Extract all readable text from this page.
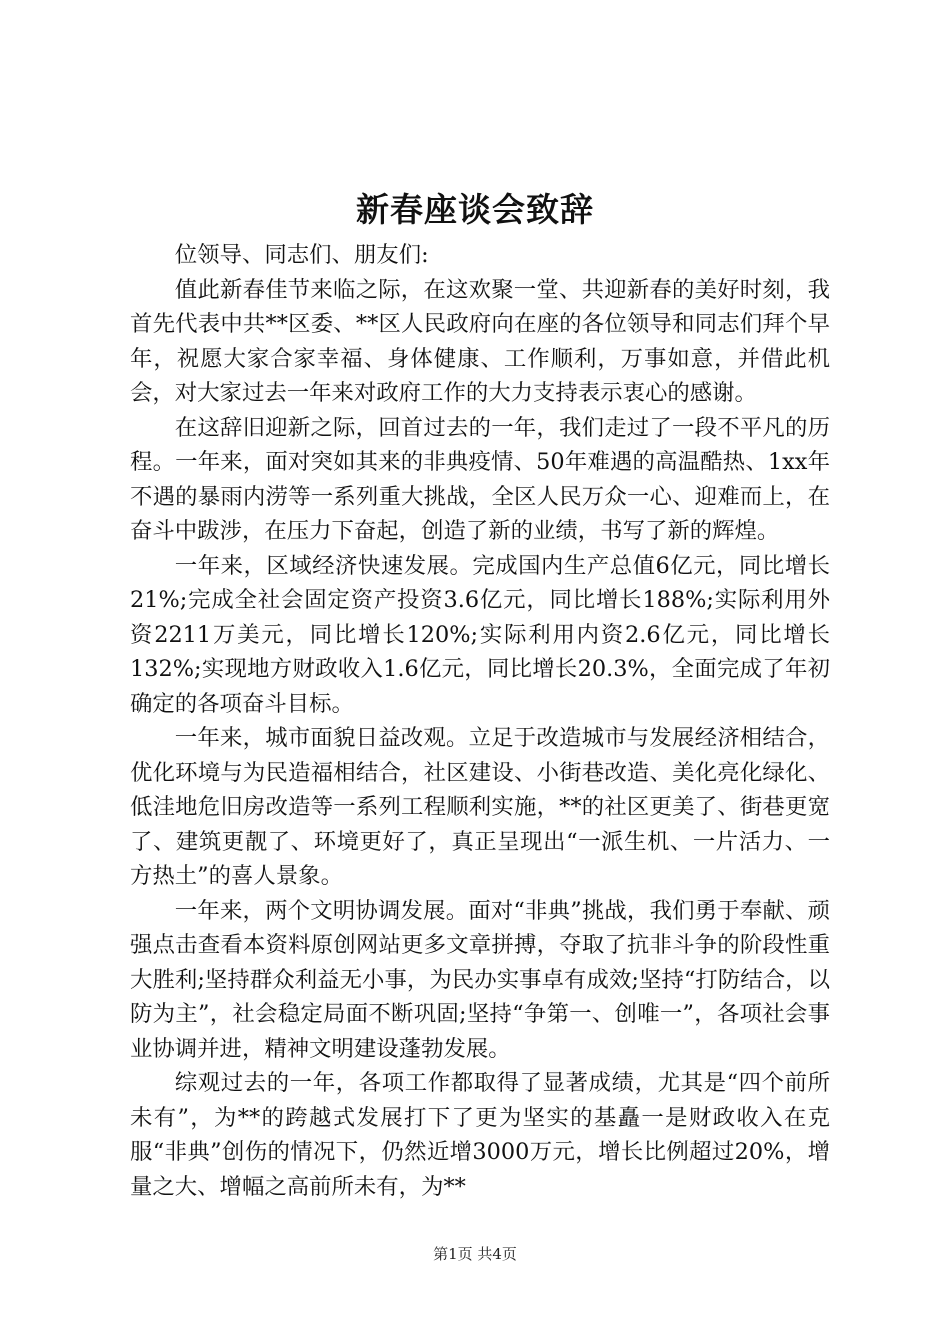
新春座谈会致辞

位领导、同志们、朋友们:

值此新春佳节来临之际，在这欢聚一堂、共迎新春的美好时刻，我首先代表中共**区委、**区人民政府向在座的各位领导和同志们拜个早年，祝愿大家合家幸福、身体健康、工作顺利，万事如意，并借此机会，对大家过去一年来对政府工作的大力支持表示衷心的感谢。

在这辞旧迎新之际，回首过去的一年，我们走过了一段不平凡的历程。一年来，面对突如其来的非典疫情、50年难遇的高温酷热、1xx年不遇的暴雨内涝等一系列重大挑战，全区人民万众一心、迎难而上，在奋斗中跋涉，在压力下奋起，创造了新的业绩，书写了新的辉煌。

一年来，区域经济快速发展。完成国内生产总值6亿元，同比增长21%;完成全社会固定资产投资3.6亿元，同比增长188%;实际利用外资2211万美元，同比增长120%;实际利用内资2.6亿元，同比增长132%;实现地方财政收入1.6亿元，同比增长20.3%，全面完成了年初确定的各项奋斗目标。

一年来，城市面貌日益改观。立足于改造城市与发展经济相结合，优化环境与为民造福相结合，社区建设、小街巷改造、美化亮化绿化、低洼地危旧房改造等一系列工程顺利实施，**的社区更美了、街巷更宽了、建筑更靓了、环境更好了，真正呈现出“一派生机、一片活力、一方热土”的喜人景象。

一年来，两个文明协调发展。面对“非典”挑战，我们勇于奉献、顽强点击查看本资料原创网站更多文章拼搏，夺取了抗非斗争的阶段性重大胜利;坚持群众利益无小事，为民办实事卓有成效;坚持“打防结合，以防为主”，社会稳定局面不断巩固;坚持“争第一、创唯一”，各项社会事业协调并进，精神文明建设蓬勃发展。

综观过去的一年，各项工作都取得了显著成绩，尤其是“四个前所未有”，为**的跨越式发展打下了更为坚实的基矗一是财政收入在克服“非典”创伤的情况下，仍然近增3000万元，增长比例超过20%，增量之大、增幅之高前所未有，为**

第1页 共4页
